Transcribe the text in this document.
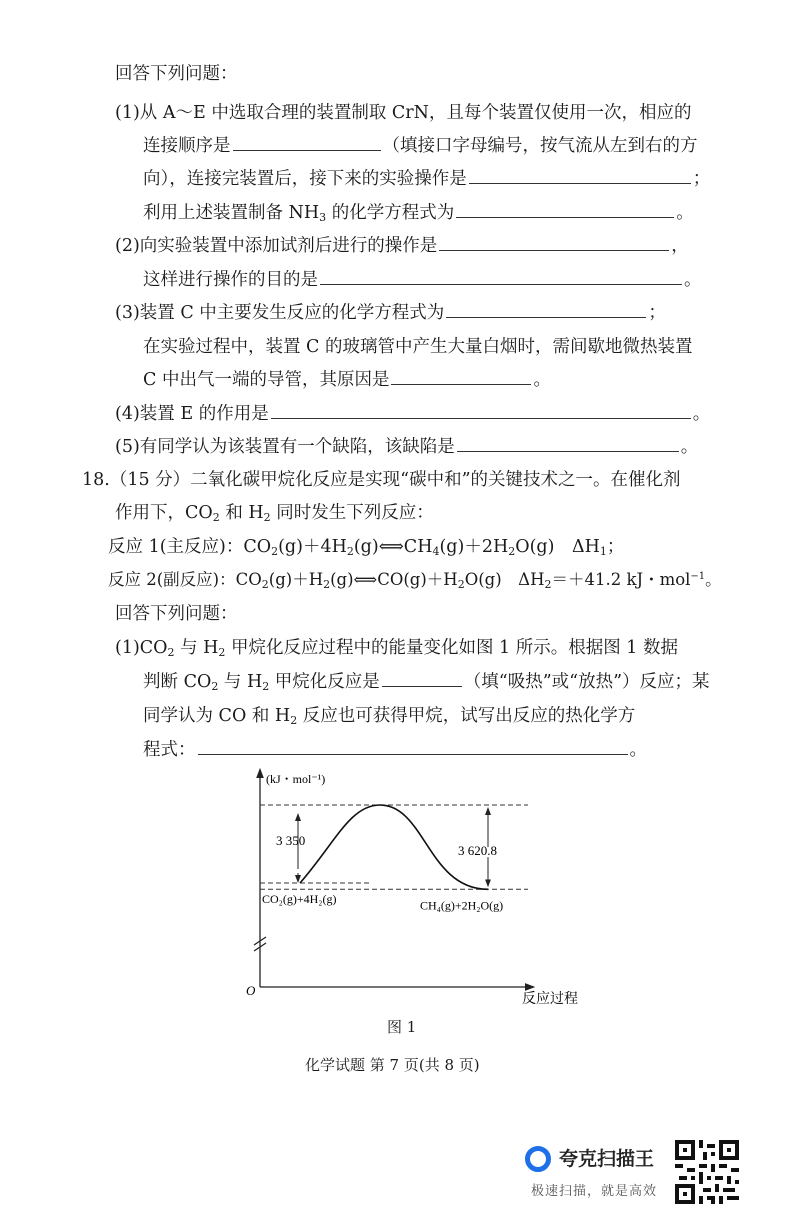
回答下列问题：
(1)从 A～E 中选取合理的装置制取 CrN，且每个装置仅使用一次，相应的
连接顺序是	（填接口字母编号，按气流从左到右的方
向），连接完装置后，接下来的实验操作是	；
利用上述装置制备 $NH_3$ 的化学方程式为	。
(2)向实验装置中添加试剂后进行的操作是	，
这样进行操作的目的是	。
(3)装置 C 中主要发生反应的化学方程式为	；
在实验过程中，装置 C 的玻璃管中产生大量白烟时，需间歇地微热装置
C 中出气一端的导管，其原因是	。
(4)装置 E 的作用是	。
(5)有同学认为该装置有一个缺陷，该缺陷是	。
18.（15 分）二氧化碳甲烷化反应是实现“碳中和”的关键技术之一。在催化剂
作用下，$CO_2$ 和 $H_2$ 同时发生下列反应：
反应 1(主反应)：$CO_2(g)+4H_2(g)⟺CH_4(g)+2H_2O(g)$　$\Delta H_1$；
反应 2(副反应)：$CO_2(g)+H_2(g)⟺CO(g)+H_2O(g)$　$\Delta H_2=+41.2$ kJ・mol$^{-1}$。
回答下列问题：
$(1)CO_2$ 与 $H_2$ 甲烷化反应过程中的能量变化如图 1 所示。根据图 1 数据
判断 $CO_2$ 与 $H_2$ 甲烷化反应是	（填“吸热”或“放热”）反应；某
同学认为 CO 和 $H_2$ 反应也可获得甲烷，试写出反应的热化学方
程式：	。
3 350
3 620.8
(kJ・mol⁻¹)
CO₂(g)+4H₂(g)	CH₄(g)+2H₂O(g)
O
反应过程
图 1
化学试题 第 7 页(共 8 页)
夸克扫描王
极速扫描，就是高效
